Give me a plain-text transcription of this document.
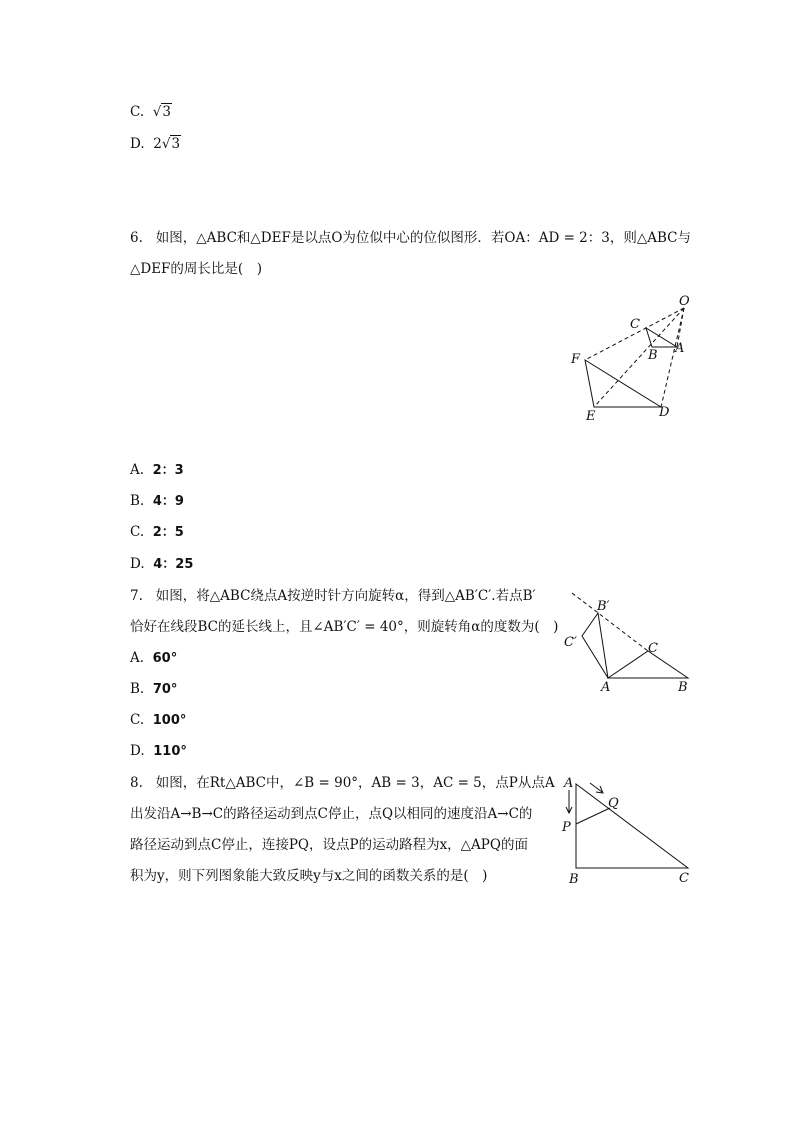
C. √3
D. 2√3
6. 如图，△ABC和△DEF是以点O为位似中心的位似图形．若OA：AD = 2：3，则△ABC与
△DEF的周长比是(　)
O
C
B A
F
E	D
A. 2：3
B. 4：9
C. 2：5
D. 4：25
7. 如图，将△ABC绕点A按逆时针方向旋转α，得到△AB′C′.若点B′
恰好在线段BC的延长线上，且∠AB′C′ = 40°，则旋转角α的度数为(　)
B′
C′	C
A	B
A. 60°
B. 70°
C. 100°
D. 110°
8. 如图，在Rt△ABC中，∠B = 90°，AB = 3，AC = 5，点P从点A
出发沿A→B→C的路径运动到点C停止，点Q以相同的速度沿A→C的
路径运动到点C停止，连接PQ，设点P的运动路程为x，△APQ的面
积为y，则下列图象能大致反映y与x之间的函数关系的是(　)
A
Q
P
B	C
